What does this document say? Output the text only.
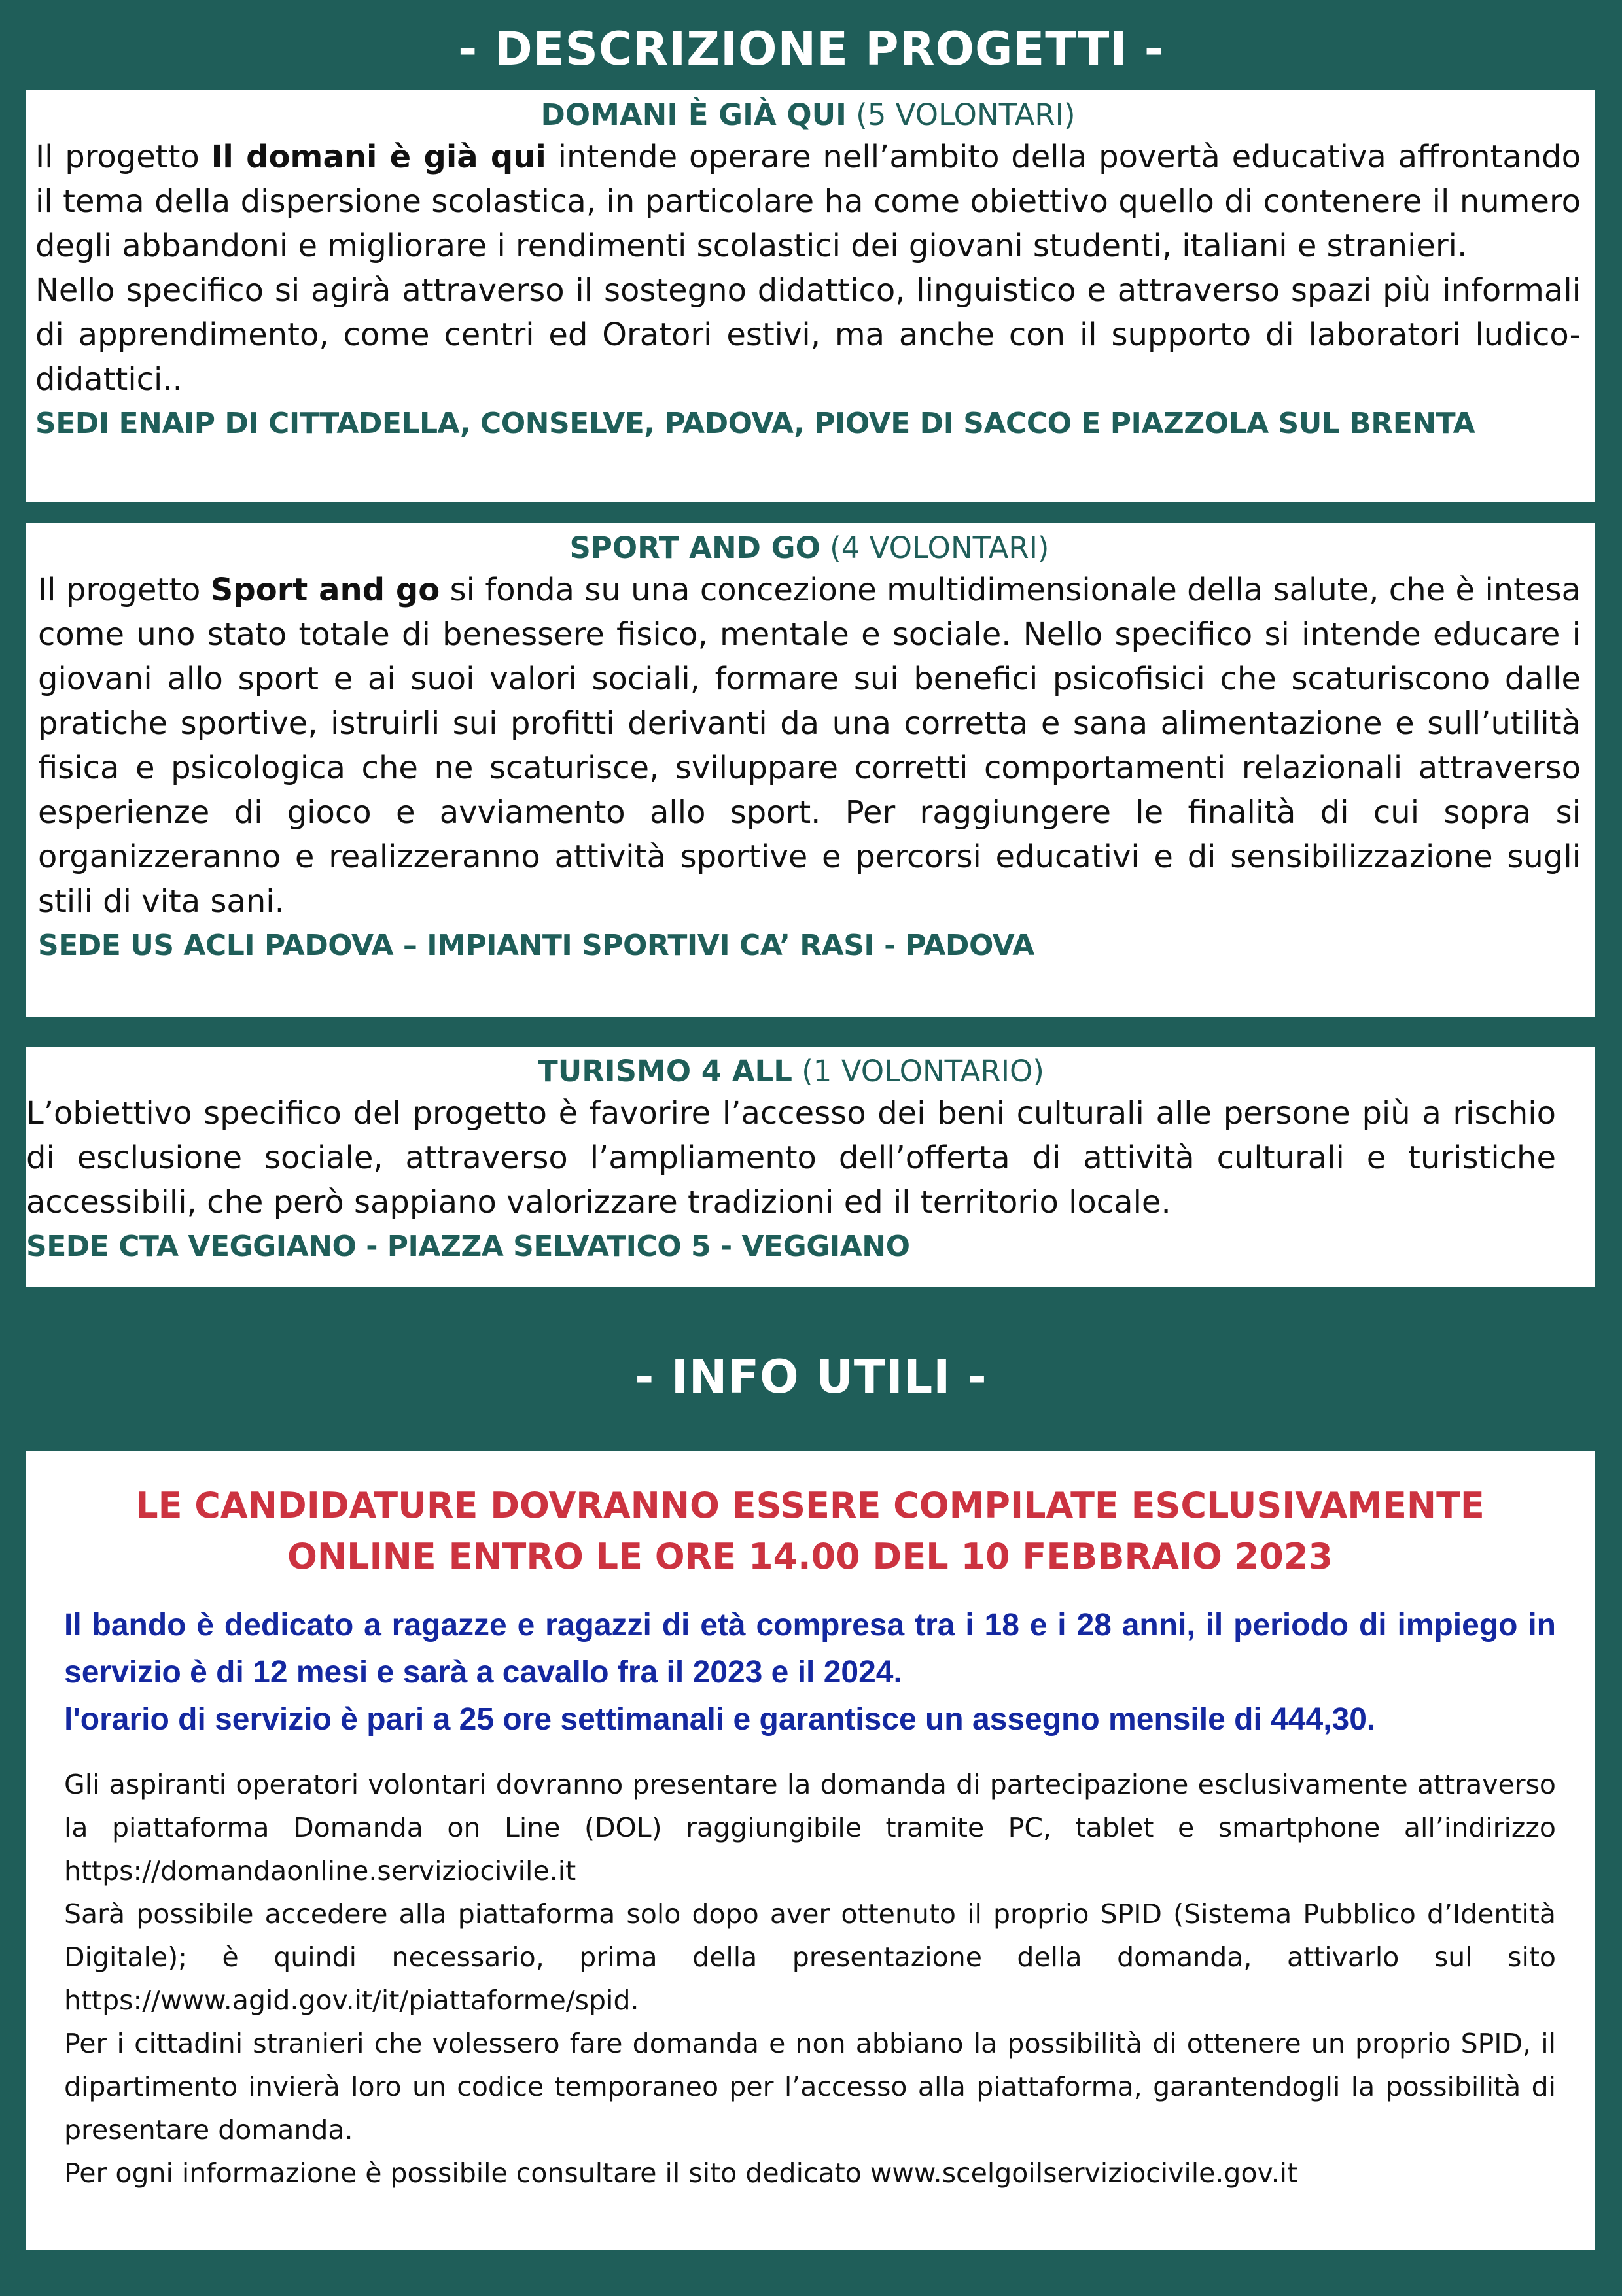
- DESCRIZIONE PROGETTI -
DOMANI È GIÀ QUI (5 VOLONTARI)

Il progetto Il domani è già qui intende operare nell’ambito della povertà educativa affrontando il tema della dispersione scolastica, in particolare ha come obiettivo quello di contenere il numero degli abbandoni e migliorare i rendimenti scolastici dei giovani studenti, italiani e stranieri.

Nello specifico si agirà attraverso il sostegno didattico, linguistico e attraverso spazi più informali di apprendimento, come centri ed Oratori estivi, ma anche con il supporto di laboratori ludico-didattici..

SEDI ENAIP DI CITTADELLA, CONSELVE, PADOVA, PIOVE DI SACCO E PIAZZOLA SUL BRENTA
SPORT AND GO (4 VOLONTARI)

Il progetto Sport and go si fonda su una concezione multidimensionale della salute, che è intesa come uno stato totale di benessere fisico, mentale e sociale. Nello specifico si intende educare i giovani allo sport e ai suoi valori sociali, formare sui benefici psicofisici che scaturiscono dalle pratiche sportive, istruirli sui profitti derivanti da una corretta e sana alimentazione e sull’utilità fisica e psicologica che ne scaturisce, sviluppare corretti comportamenti relazionali attraverso esperienze di gioco e avviamento allo sport. Per raggiungere le finalità di cui sopra si organizzeranno e realizzeranno attività sportive e percorsi educativi e di sensibilizzazione sugli stili di vita sani.

SEDE US ACLI PADOVA – IMPIANTI SPORTIVI CA’ RASI - PADOVA
TURISMO 4 ALL (1 VOLONTARIO)

L’obiettivo specifico del progetto è favorire l’accesso dei beni culturali alle persone più a rischio di esclusione sociale, attraverso l’ampliamento dell’offerta di attività culturali e turistiche accessibili, che però sappiano valorizzare tradizioni ed il territorio locale.

SEDE CTA VEGGIANO - PIAZZA SELVATICO 5 - VEGGIANO
- INFO UTILI -
LE CANDIDATURE DOVRANNO ESSERE COMPILATE ESCLUSIVAMENTE
ONLINE ENTRO LE ORE 14.00 DEL 10 FEBBRAIO 2023

Il bando è dedicato a ragazze e ragazzi di età compresa tra i 18 e i 28 anni, il periodo di impiego in servizio è di 12 mesi e sarà a cavallo fra il 2023 e il 2024.

l'orario di servizio è pari a 25 ore settimanali e garantisce un assegno mensile di 444,30.

Gli aspiranti operatori volontari dovranno presentare la domanda di partecipazione esclusivamente attraverso la piattaforma Domanda on Line (DOL) raggiungibile tramite PC, tablet e smartphone all’indirizzo https://domandaonline.serviziocivile.it

Sarà possibile accedere alla piattaforma solo dopo aver ottenuto il proprio SPID (Sistema Pubblico d’Identità Digitale); è quindi necessario, prima della presentazione della domanda, attivarlo sul sito https://www.agid.gov.it/it/piattaforme/spid.

Per i cittadini stranieri che volessero fare domanda e non abbiano la possibilità di ottenere un proprio SPID, il dipartimento invierà loro un codice temporaneo per l’accesso alla piattaforma, garantendogli la possibilità di presentare domanda.

Per ogni informazione è possibile consultare il sito dedicato www.scelgoilserviziocivile.gov.it
